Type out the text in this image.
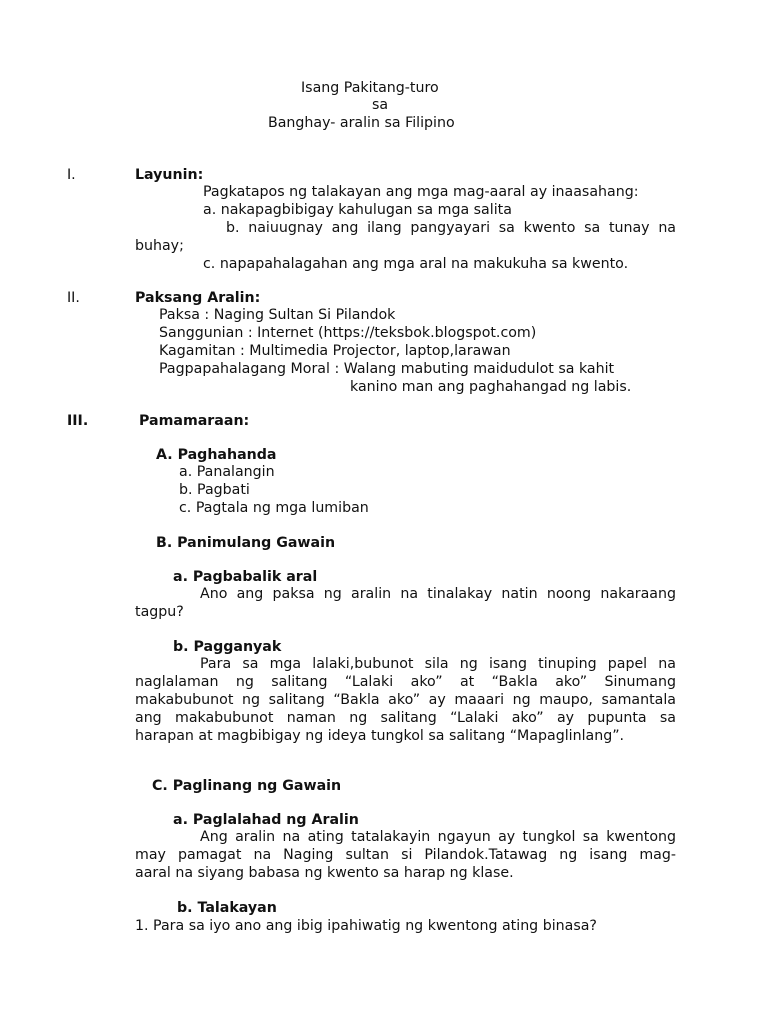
Isang Pakitang-turo
sa
Banghay- aralin sa Filipino
I.	Layunin:
Pagkatapos ng talakayan ang mga mag-aaral ay inaasahang:
a. nakapagbibigay kahulugan sa mga salita
b. naiuugnay ang ilang pangyayari sa kwento sa tunay na
buhay;
c. napapahalagahan ang mga aral na makukuha sa kwento.
II.	Paksang Aralin:
Paksa : Naging Sultan Si Pilandok
Sanggunian : Internet (https://teksbok.blogspot.com)
Kagamitan : Multimedia Projector, laptop,larawan
Pagpapahalagang Moral : Walang mabuting maidudulot sa kahit
kanino man ang paghahangad ng labis.
III.	Pamamaraan:
A. Paghahanda
a. Panalangin
b. Pagbati
c. Pagtala ng mga lumiban
B. Panimulang Gawain
a. Pagbabalik aral
Ano ang paksa ng aralin na tinalakay natin noong nakaraang
tagpu?
b. Pagganyak
Para sa mga lalaki,bubunot sila ng isang tinuping papel na
naglalaman ng salitang “Lalaki ako” at “Bakla ako” Sinumang
makabubunot ng salitang “Bakla ako” ay maaari ng maupo, samantala
ang makabubunot naman ng salitang “Lalaki ako” ay pupunta sa
harapan at magbibigay ng ideya tungkol sa salitang “Mapaglinlang”.
C. Paglinang ng Gawain
a. Paglalahad ng Aralin
Ang aralin na ating tatalakayin ngayun ay tungkol sa kwentong
may pamagat na Naging sultan si Pilandok.Tatawag ng isang mag-
aaral na siyang babasa ng kwento sa harap ng klase.
b. Talakayan
1. Para sa iyo ano ang ibig ipahiwatig ng kwentong ating binasa?
